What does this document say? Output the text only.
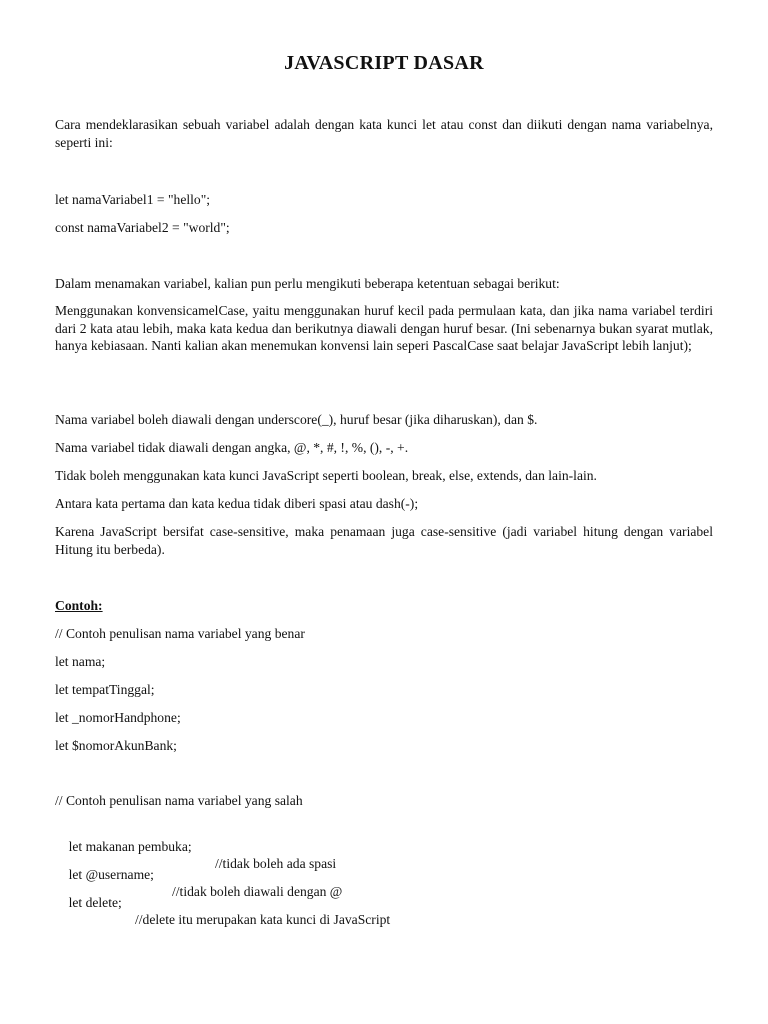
JAVASCRIPT DASAR

Cara mendeklarasikan sebuah variabel adalah dengan kata kunci let atau const dan diikuti dengan nama variabelnya, seperti ini:

let namaVariabel1 = "hello";

const namaVariabel2 = "world";

Dalam menamakan variabel, kalian pun perlu mengikuti beberapa ketentuan sebagai berikut:

Menggunakan konvensicamelCase, yaitu menggunakan huruf kecil pada permulaan kata, dan jika nama variabel terdiri dari 2 kata atau lebih, maka kata kedua dan berikutnya diawali dengan huruf besar. (Ini sebenarnya bukan syarat mutlak, hanya kebiasaan. Nanti kalian akan menemukan konvensi lain seperi PascalCase saat belajar JavaScript lebih lanjut);

Nama variabel boleh diawali dengan underscore(_), huruf besar (jika diharuskan), dan $.

Nama variabel tidak diawali dengan angka, @, *, #, !, %, (), -, +.

Tidak boleh menggunakan kata kunci JavaScript seperti boolean, break, else, extends, dan lain-lain.

Antara kata pertama dan kata kedua tidak diberi spasi atau dash(-);

Karena JavaScript bersifat case-sensitive, maka penamaan juga case-sensitive (jadi variabel hitung dengan variabel Hitung itu berbeda).

Contoh:

// Contoh penulisan nama variabel yang benar

let nama;

let tempatTinggal;

let _nomorHandphone;

let $nomorAkunBank;

// Contoh penulisan nama variabel yang salah

let makanan pembuka;

//tidak boleh ada spasi

let @username;

//tidak boleh diawali dengan @

let delete;

//delete itu merupakan kata kunci di JavaScript
